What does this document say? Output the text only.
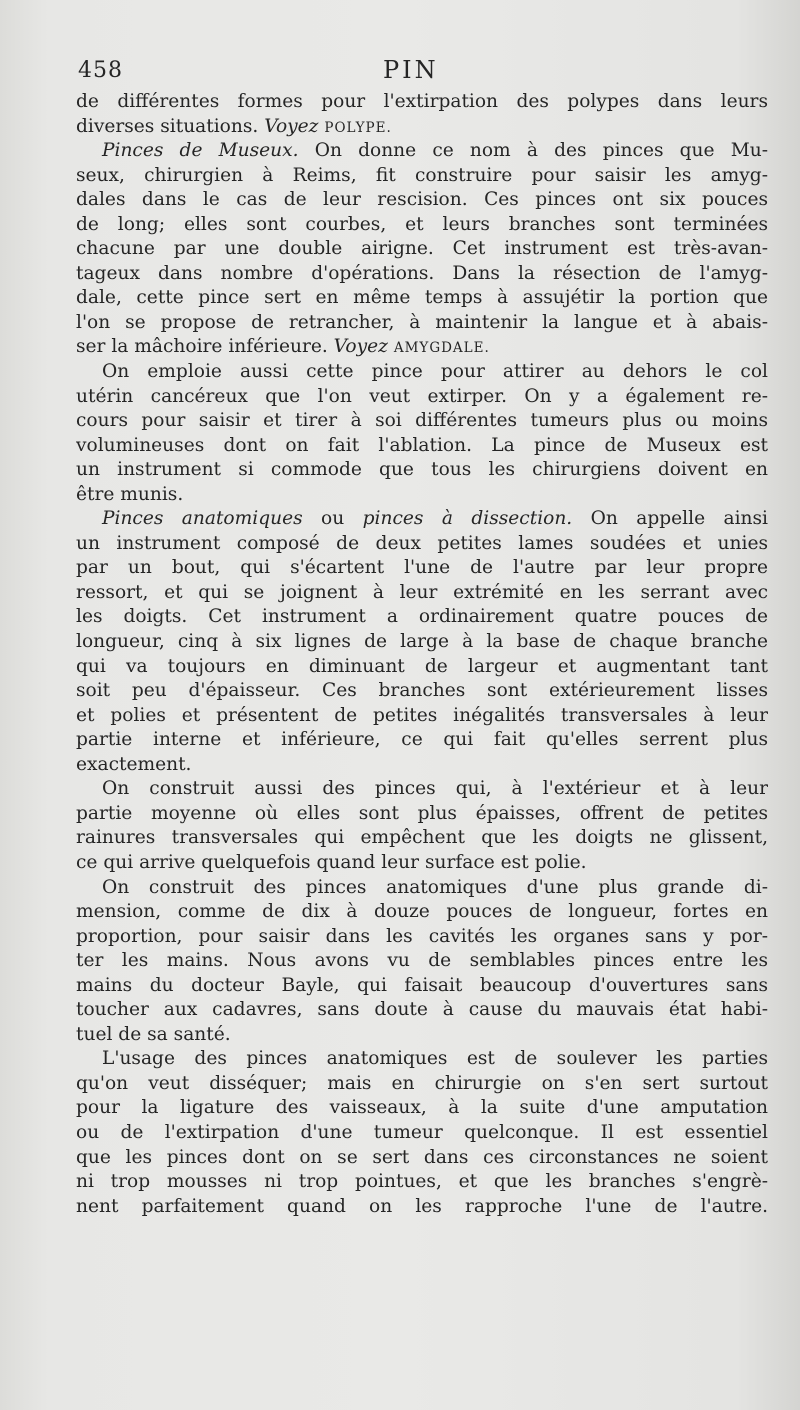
458	PIN
de différentes formes pour l'extirpation des polypes dans leurs
diverses situations. Voyez POLYPE.
Pinces de Museux. On donne ce nom à des pinces que Mu-
seux, chirurgien à Reims, fit construire pour saisir les amyg-
dales dans le cas de leur rescision. Ces pinces ont six pouces
de long; elles sont courbes, et leurs branches sont terminées
chacune par une double airigne. Cet instrument est très-avan-
tageux dans nombre d'opérations. Dans la résection de l'amyg-
dale, cette pince sert en même temps à assujétir la portion que
l'on se propose de retrancher, à maintenir la langue et à abais-
ser la mâchoire inférieure. Voyez AMYGDALE.
On emploie aussi cette pince pour attirer au dehors le col
utérin cancéreux que l'on veut extirper. On y a également re-
cours pour saisir et tirer à soi différentes tumeurs plus ou moins
volumineuses dont on fait l'ablation. La pince de Museux est
un instrument si commode que tous les chirurgiens doivent en
être munis.
Pinces anatomiques ou pinces à dissection. On appelle ainsi
un instrument composé de deux petites lames soudées et unies
par un bout, qui s'écartent l'une de l'autre par leur propre
ressort, et qui se joignent à leur extrémité en les serrant avec
les doigts. Cet instrument a ordinairement quatre pouces de
longueur, cinq à six lignes de large à la base de chaque branche
qui va toujours en diminuant de largeur et augmentant tant
soit peu d'épaisseur. Ces branches sont extérieurement lisses
et polies et présentent de petites inégalités transversales à leur
partie interne et inférieure, ce qui fait qu'elles serrent plus
exactement.
On construit aussi des pinces qui, à l'extérieur et à leur
partie moyenne où elles sont plus épaisses, offrent de petites
rainures transversales qui empêchent que les doigts ne glissent,
ce qui arrive quelquefois quand leur surface est polie.
On construit des pinces anatomiques d'une plus grande di-
mension, comme de dix à douze pouces de longueur, fortes en
proportion, pour saisir dans les cavités les organes sans y por-
ter les mains. Nous avons vu de semblables pinces entre les
mains du docteur Bayle, qui faisait beaucoup d'ouvertures sans
toucher aux cadavres, sans doute à cause du mauvais état habi-
tuel de sa santé.
L'usage des pinces anatomiques est de soulever les parties
qu'on veut disséquer; mais en chirurgie on s'en sert surtout
pour la ligature des vaisseaux, à la suite d'une amputation
ou de l'extirpation d'une tumeur quelconque. Il est essentiel
que les pinces dont on se sert dans ces circonstances ne soient
ni trop mousses ni trop pointues, et que les branches s'engrè-
nent parfaitement quand on les rapproche l'une de l'autre.
